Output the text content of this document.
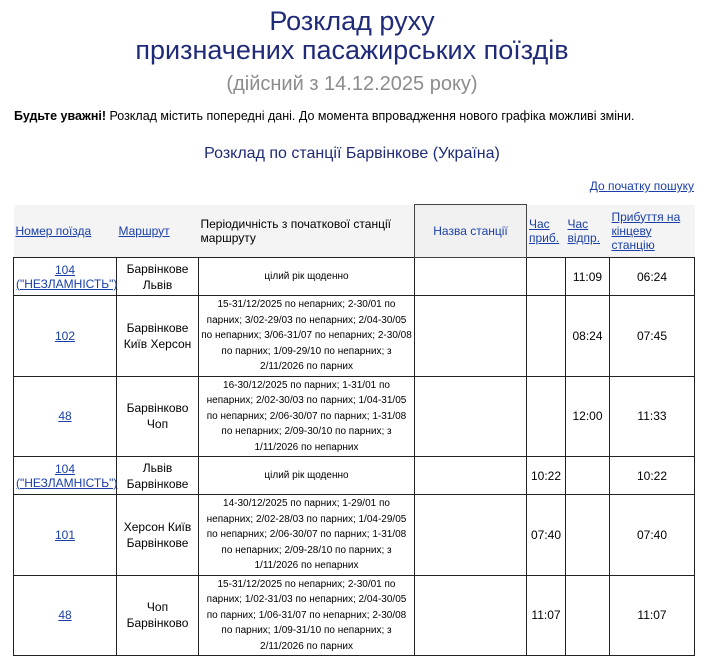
Розклад руху
призначених пасажирських поїздів
(дійсний з 14.12.2025 року)
Будьте уважні! Розклад містить попередні дані. До момента впровадження нового графіка можливі зміни.
Розклад по станції Барвінкове (Україна)
До початку пошуку
Номер поїзда	Маршрут	Періодичність з початкової станції маршруту	Назва станції	Час приб.	Час відпр.	Прибуття на кінцеву станцію
104
("НЕЗЛАМНІСТЬ")	Барвінкове Львів	цілий рік щоденно			11:09	06:24
102	Барвінкове Київ Херсон	15-31/12/2025 по непарних; 2-30/01 по парних; 3/02-29/03 по непарних; 2/04-30/05 по непарних; 3/06-31/07 по непарних; 2-30/08 по парних; 1/09-29/10 по непарних; з 2/11/2026 по парних			08:24	07:45
48	Барвінково Чоп	16-30/12/2025 по парних; 1-31/01 по непарних; 2/02-30/03 по парних; 1/04-31/05 по непарних; 2/06-30/07 по парних; 1-31/08 по непарних; 2/09-30/10 по парних; з 1/11/2026 по непарних			12:00	11:33
104
("НЕЗЛАМНІСТЬ")	Львів Барвінкове	цілий рік щоденно		10:22		10:22
101	Херсон Київ Барвінкове	14-30/12/2025 по парних; 1-29/01 по непарних; 2/02-28/03 по парних; 1/04-29/05 по непарних; 2/06-30/07 по парних; 1-31/08 по непарних; 2/09-28/10 по парних; з 1/11/2026 по непарних		07:40		07:40
48	Чоп Барвінково	15-31/12/2025 по непарних; 2-30/01 по парних; 1/02-31/03 по непарних; 2/04-30/05 по парних; 1/06-31/07 по непарних; 2-30/08 по парних; 1/09-31/10 по непарних; з 2/11/2026 по парних		11:07		11:07
